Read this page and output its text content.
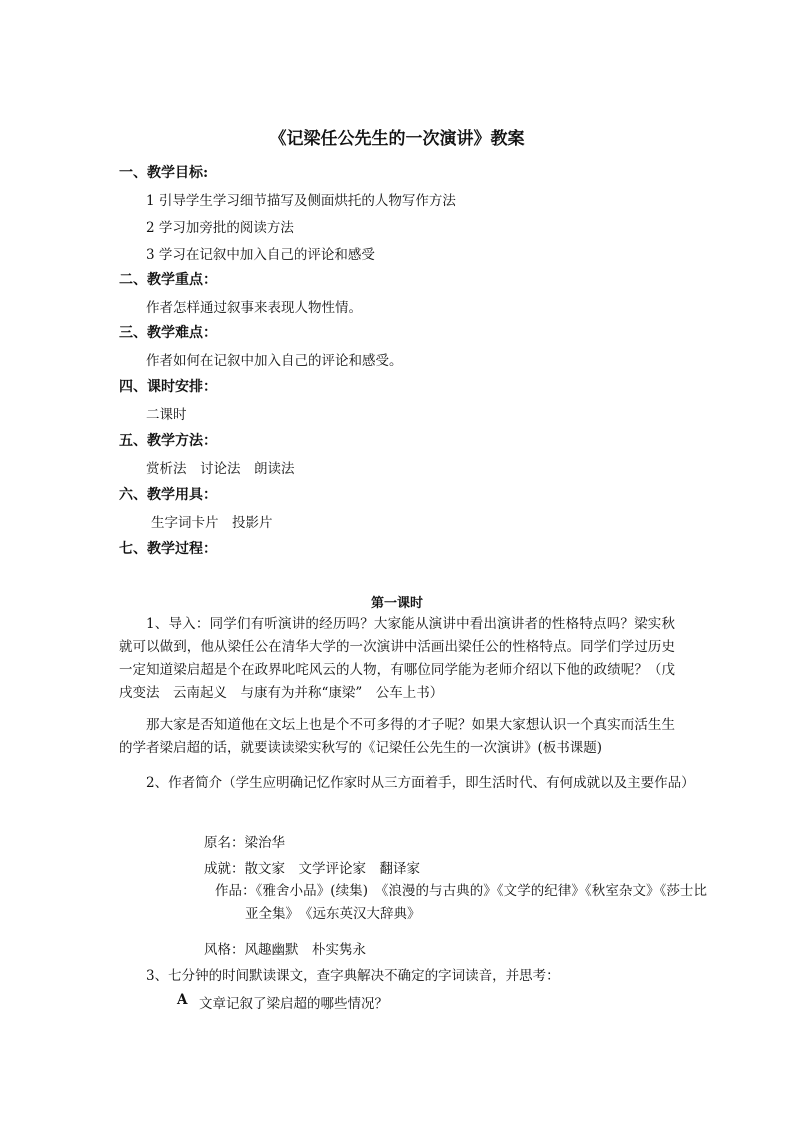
《记梁任公先生的一次演讲》教案
一、教学目标:
1 引导学生学习细节描写及侧面烘托的人物写作方法
2 学习加旁批的阅读方法
3 学习在记叙中加入自己的评论和感受
二、教学重点：
作者怎样通过叙事来表现人物性情。
三、教学难点：
作者如何在记叙中加入自己的评论和感受。
四、课时安排：
二课时
五、教学方法：
赏析法　讨论法　朗读法
六、教学用具：
生字词卡片　投影片
七、教学过程：
第一课时

1、导入：同学们有听演讲的经历吗？大家能从演讲中看出演讲者的性格特点吗？梁实秋就可以做到，他从梁任公在清华大学的一次演讲中活画出梁任公的性格特点。同学们学过历史一定知道梁启超是个在政界叱咤风云的人物，有哪位同学能为老师介绍以下他的政绩呢？（戊戌变法　云南起义　与康有为并称“康梁”　公车上书）

那大家是否知道他在文坛上也是个不可多得的才子呢？如果大家想认识一个真实而活生生的学者梁启超的话，就要读读梁实秋写的《记梁任公先生的一次演讲》(板书课题)

2、作者简介（学生应明确记忆作家时从三方面着手，即生活时代、有何成就以及主要作品）

原名：梁治华
成就：散文家　文学评论家　翻译家

作品：《雅舍小品》(续集)　《浪漫的与古典的》《文学的纪律》《秋室杂文》《莎士比亚全集》　《远东英汉大辞典》

风格：风趣幽默　朴实隽永
3、七分钟的时间默读课文，查字典解决不确定的字词读音，并思考：
A 文章记叙了梁启超的哪些情况？
